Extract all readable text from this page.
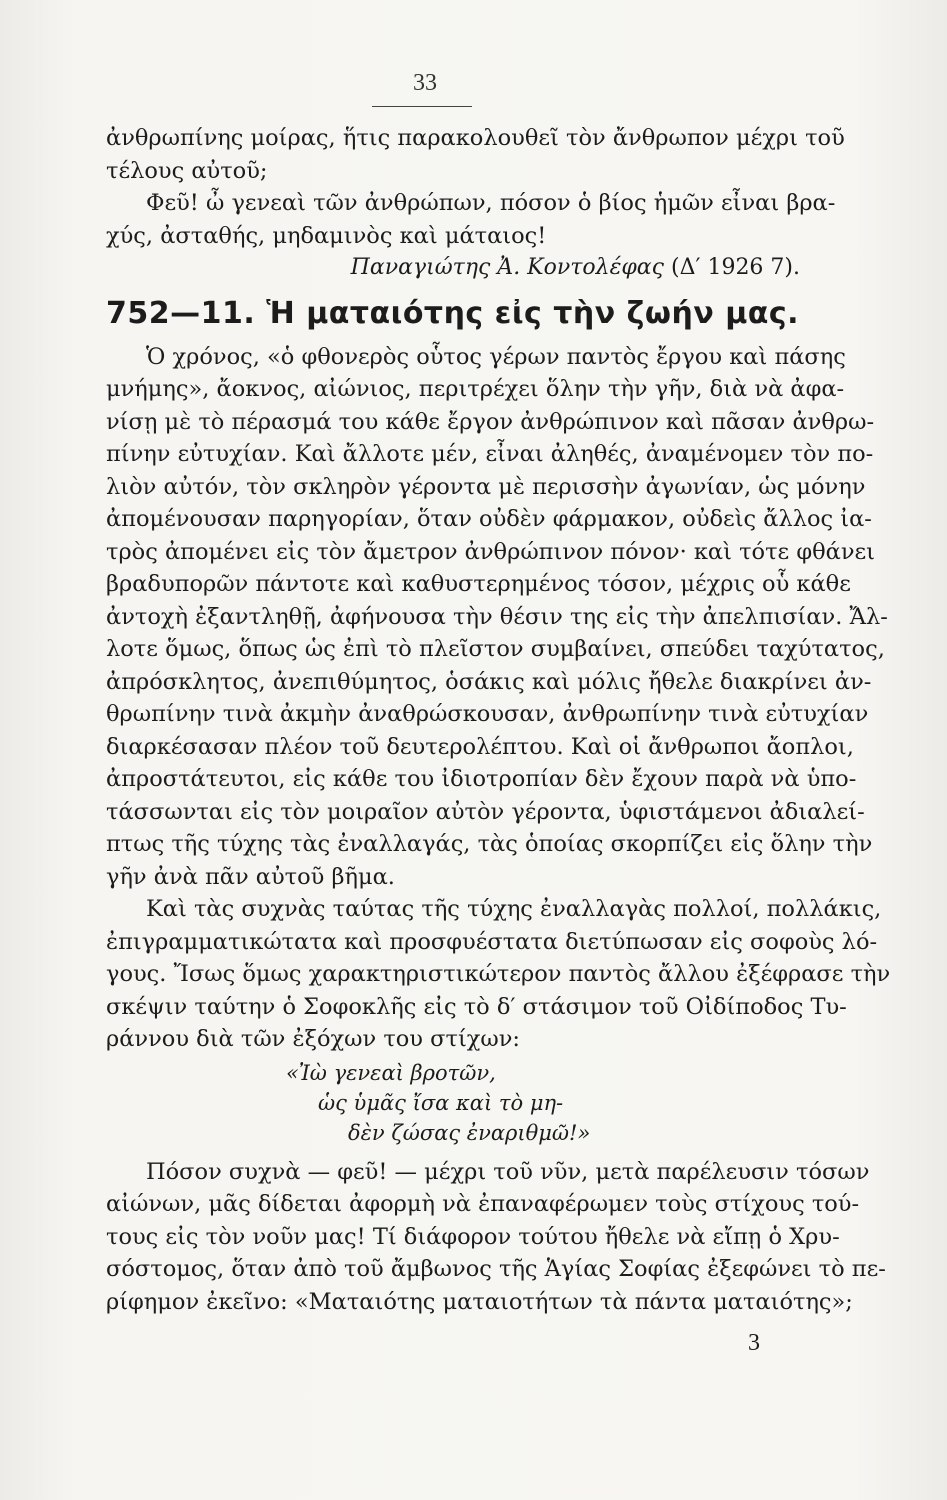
33
ἀνθρωπίνης μοίρας, ἥτις παρακολουθεῖ τὸν ἄνθρωπον μέχρι τοῦ
τέλους αὐτοῦ;
Φεῦ! ὦ γενεαὶ τῶν ἀνθρώπων, πόσον ὁ βίος ἡμῶν εἶναι βρα-
χύς, ἀσταθής, μηδαμινὸς καὶ μάταιος!
Παναγιώτης Ἀ. Κοντολέφας (Δ′ 1926 7).
752—11. Ἡ ματαιότης εἰς τὴν ζωήν μας.
Ὁ χρόνος, «ὁ φθονερὸς οὗτος γέρων παντὸς ἔργου καὶ πάσης
μνήμης», ἄοκνος, αἰώνιος, περιτρέχει ὅλην τὴν γῆν, διὰ νὰ ἀφα-
νίσῃ μὲ τὸ πέρασμά του κάθε ἔργον ἀνθρώπινον καὶ πᾶσαν ἀνθρω-
πίνην εὐτυχίαν. Καὶ ἄλλοτε μέν, εἶναι ἀληθές, ἀναμένομεν τὸν πο-
λιὸν αὐτόν, τὸν σκληρὸν γέροντα μὲ περισσὴν ἀγωνίαν, ὡς μόνην
ἀπομένουσαν παρηγορίαν, ὅταν οὐδὲν φάρμακον, οὐδεὶς ἄλλος ἰα-
τρὸς ἀπομένει εἰς τὸν ἄμετρον ἀνθρώπινον πόνον· καὶ τότε φθάνει
βραδυπορῶν πάντοτε καὶ καθυστερημένος τόσον, μέχρις οὗ κάθε
ἀντοχὴ ἐξαντληθῇ, ἀφήνουσα τὴν θέσιν της εἰς τὴν ἀπελπισίαν. Ἄλ-
λοτε ὅμως, ὅπως ὡς ἐπὶ τὸ πλεῖστον συμβαίνει, σπεύδει ταχύτατος,
ἀπρόσκλητος, ἀνεπιθύμητος, ὁσάκις καὶ μόλις ἤθελε διακρίνει ἀν-
θρωπίνην τινὰ ἀκμὴν ἀναθρώσκουσαν, ἀνθρωπίνην τινὰ εὐτυχίαν
διαρκέσασαν πλέον τοῦ δευτερολέπτου. Καὶ οἱ ἄνθρωποι ἄοπλοι,
ἀπροστάτευτοι, εἰς κάθε του ἰδιοτροπίαν δὲν ἔχουν παρὰ νὰ ὑπο-
τάσσωνται εἰς τὸν μοιραῖον αὐτὸν γέροντα, ὑφιστάμενοι ἀδιαλεί-
πτως τῆς τύχης τὰς ἐναλλαγάς, τὰς ὁποίας σκορπίζει εἰς ὅλην τὴν
γῆν ἀνὰ πᾶν αὐτοῦ βῆμα.
Καὶ τὰς συχνὰς ταύτας τῆς τύχης ἐναλλαγὰς πολλοί, πολλάκις,
ἐπιγραμματικώτατα καὶ προσφυέστατα διετύπωσαν εἰς σοφοὺς λό-
γους. Ἴσως ὅμως χαρακτηριστικώτερον παντὸς ἄλλου ἐξέφρασε τὴν
σκέψιν ταύτην ὁ Σοφοκλῆς εἰς τὸ δ′ στάσιμον τοῦ Οἰδίποδος Τυ-
ράννου διὰ τῶν ἐξόχων του στίχων:
«Ἰὼ γενεαὶ βροτῶν,
ὡς ὑμᾶς ἴσα καὶ τὸ μη-
δὲν ζώσας ἐναριθμῶ!»
Πόσον συχνὰ — φεῦ! — μέχρι τοῦ νῦν, μετὰ παρέλευσιν τόσων
αἰώνων, μᾶς δίδεται ἀφορμὴ νὰ ἐπαναφέρωμεν τοὺς στίχους τού-
τους εἰς τὸν νοῦν μας! Τί διάφορον τούτου ἤθελε νὰ εἴπῃ ὁ Χρυ-
σόστομος, ὅταν ἀπὸ τοῦ ἄμβωνος τῆς Ἁγίας Σοφίας ἐξεφώνει τὸ πε-
ρίφημον ἐκεῖνο: «Ματαιότης ματαιοτήτων τὰ πάντα ματαιότης»;
3
